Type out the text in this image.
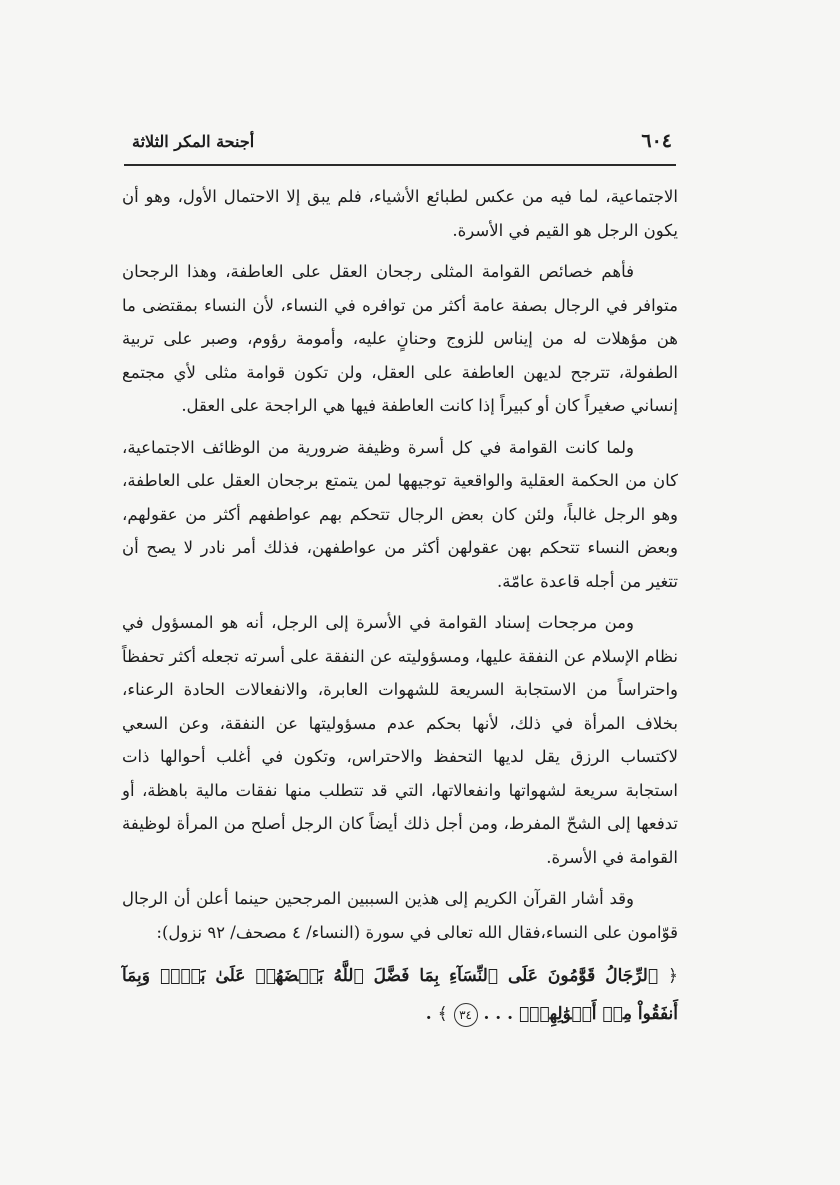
٦٠٤
أجنحة المكر الثلاثة

الاجتماعية، لما فيه من عكس لطبائع الأشياء، فلم يبق إلا الاحتمال الأول، وهو أن يكون الرجل هو القيم في الأسرة.

فأهم خصائص القوامة المثلى رجحان العقل على العاطفة، وهذا الرجحان متوافر في الرجال بصفة عامة أكثر من توافره في النساء، لأن النساء بمقتضى ما هن مؤهلات له من إيناس للزوج وحنانٍ عليه، وأمومة رؤوم، وصبر على تربية الطفولة، تترجح لديهن العاطفة على العقل، ولن تكون قوامة مثلى لأي مجتمع إنساني صغيراً كان أو كبيراً إذا كانت العاطفة فيها هي الراجحة على العقل.

ولما كانت القوامة في كل أسرة وظيفة ضرورية من الوظائف الاجتماعية، كان من الحكمة العقلية والواقعية توجيهها لمن يتمتع برجحان العقل على العاطفة، وهو الرجل غالباً، ولئن كان بعض الرجال تتحكم بهم عواطفهم أكثر من عقولهم، وبعض النساء تتحكم بهن عقولهن أكثر من عواطفهن، فذلك أمر نادر لا يصح أن تتغير من أجله قاعدة عامّة.

ومن مرجحات إسناد القوامة في الأسرة إلى الرجل، أنه هو المسؤول في نظام الإسلام عن النفقة عليها، ومسؤوليته عن النفقة على أسرته تجعله أكثر تحفظاً واحتراساً من الاستجابة السريعة للشهوات العابرة، والانفعالات الحادة الرعناء، بخلاف المرأة في ذلك، لأنها بحكم عدم مسؤوليتها عن النفقة، وعن السعي لاكتساب الرزق يقل لديها التحفظ والاحتراس، وتكون في أغلب أحوالها ذات استجابة سريعة لشهواتها وانفعالاتها، التي قد تتطلب منها نفقات مالية باهظة، أو تدفعها إلى الشحّ المفرط، ومن أجل ذلك أيضاً كان الرجل أصلح من المرأة لوظيفة القوامة في الأسرة.

وقد أشار القرآن الكريم إلى هذين السببين المرجحين حينما أعلن أن الرجال قوّامون على النساء،فقال الله تعالى في سورة (النساء/ ٤ مصحف/ ٩٢ نزول):

﴿ ٱلرِّجَالُ قَوَّٰمُونَ عَلَى ٱلنِّسَآءِ بِمَا فَضَّلَ ٱللَّهُ بَعۡضَهُمۡ عَلَىٰ بَعۡضٖ وَبِمَآ أَنفَقُواْ مِنۡ أَمۡوَٰلِهِمۡۚ . . . ٣٤ ﴾ .
